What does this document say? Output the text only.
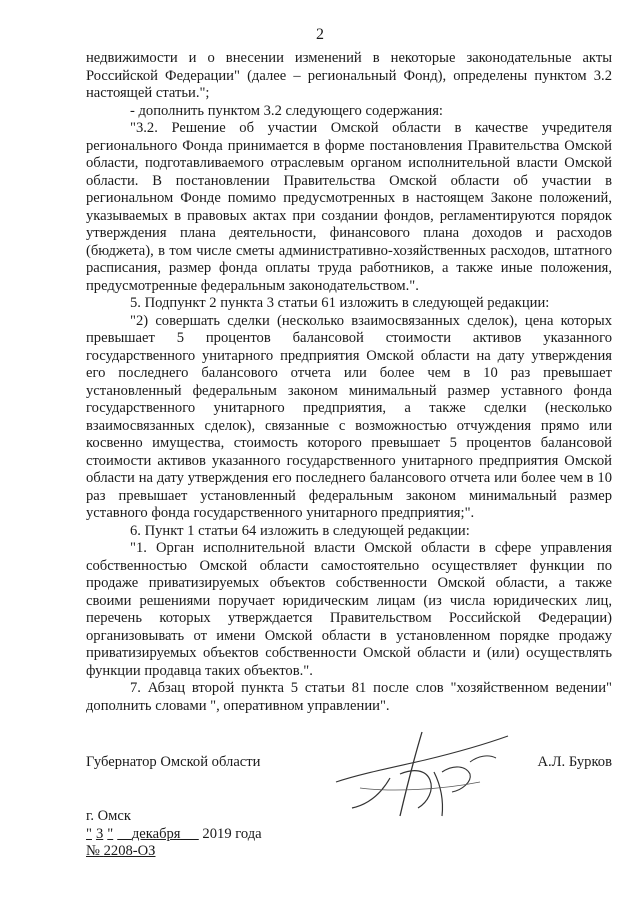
2

недвижимости и о внесении изменений в некоторые законодательные акты Российской Федерации" (далее – региональный Фонд), определены пунктом 3.2 настоящей статьи.";

- дополнить пунктом 3.2 следующего содержания:

"3.2. Решение об участии Омской области в качестве учредителя регионального Фонда принимается в форме постановления Правительства Омской области, подготавливаемого отраслевым органом исполнительной власти Омской области. В постановлении Правительства Омской области об участии в региональном Фонде помимо предусмотренных в настоящем Законе положений, указываемых в правовых актах при создании фондов, регламентируются порядок утверждения плана деятельности, финансового плана доходов и расходов (бюджета), в том числе сметы административно-хозяйственных расходов, штатного расписания, размер фонда оплаты труда работников, а также иные положения, предусмотренные федеральным законодательством.".

5. Подпункт 2 пункта 3 статьи 61 изложить в следующей редакции:

"2) совершать сделки (несколько взаимосвязанных сделок), цена которых превышает 5 процентов балансовой стоимости активов указанного государственного унитарного предприятия Омской области на дату утверждения его последнего балансового отчета или более чем в 10 раз превышает установленный федеральным законом минимальный размер уставного фонда государственного унитарного предприятия, а также сделки (несколько взаимосвязанных сделок), связанные с возможностью отчуждения прямо или косвенно имущества, стоимость которого превышает 5 процентов балансовой стоимости активов указанного государственного унитарного предприятия Омской области на дату утверждения его последнего балансового отчета или более чем в 10 раз превышает установленный федеральным законом минимальный размер уставного фонда государственного унитарного предприятия;".

6. Пункт 1 статьи 64 изложить в следующей редакции:

"1. Орган исполнительной власти Омской области в сфере управления собственностью Омской области самостоятельно осуществляет функции по продаже приватизируемых объектов собственности Омской области, а также своими решениями поручает юридическим лицам (из числа юридических лиц, перечень которых утверждается Правительством Российской Федерации) организовывать от имени Омской области в установленном порядке продажу приватизируемых объектов собственности Омской области и (или) осуществлять функции продавца таких объектов.".

7. Абзац второй пункта 5 статьи 81 после слов "хозяйственном ведении" дополнить словами ", оперативном управлении".

Губернатор Омской области	А.Л. Бурков
г. Омск
" 3 " декабря 2019 года
№ 2208-ОЗ
